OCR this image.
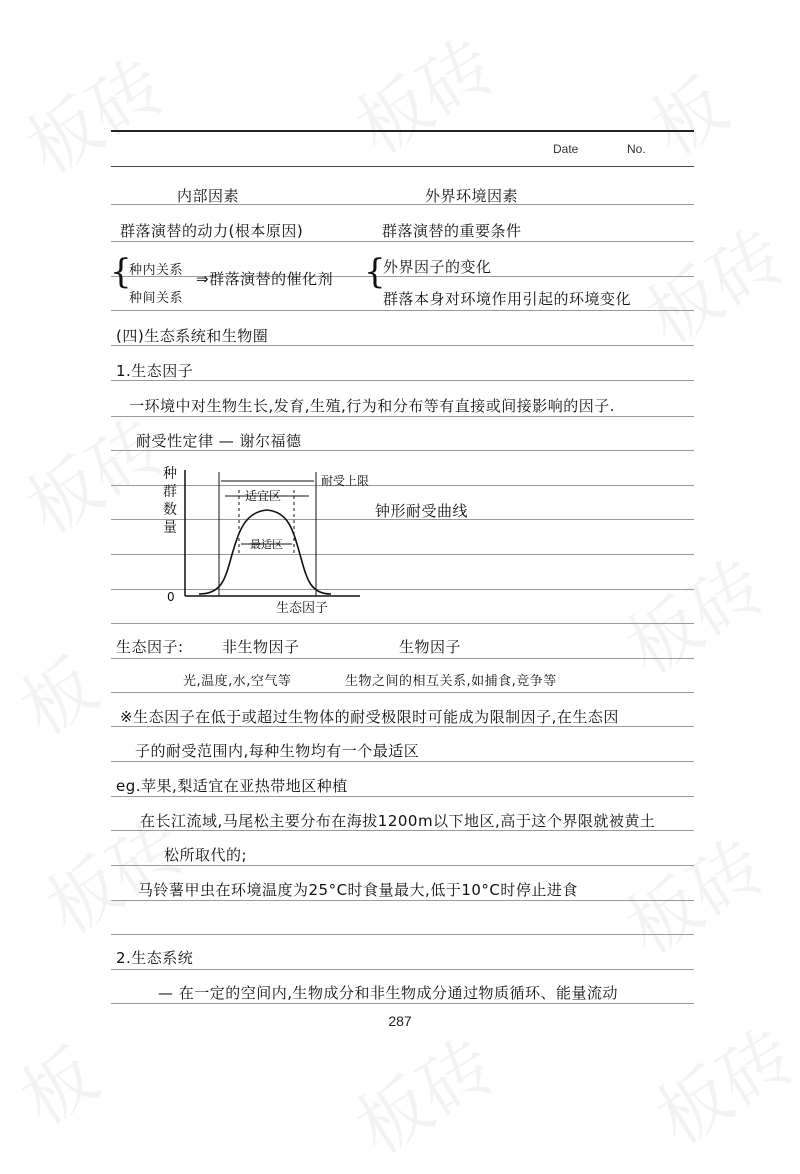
Date	No.
内部因素	外界环境因素
群落演替的动力(根本原因)	群落演替的重要条件
{
种内关系
种间关系
⇒群落演替的催化剂 {
外界因子的变化
群落本身对环境作用引起的环境变化
(四)生态系统和生物圈
1.生态因子
一环境中对生物生长,发育,生殖,行为和分布等有直接或间接影响的因子.
耐受性定律 — 谢尔福德
种群数量
0
生态因子
耐受上限
适宜区
最适区
钟形耐受曲线
生态因子:	非生物因子	生物因子
光,温度,水,空气等	生物之间的相互关系,如捕食,竞争等
※生态因子在低于或超过生物体的耐受极限时可能成为限制因子,在生态因
子的耐受范围内,每种生物均有一个最适区
eg.苹果,梨适宜在亚热带地区种植
在长江流域,马尾松主要分布在海拔1200m以下地区,高于这个界限就被黄土
松所取代的;
马铃薯甲虫在环境温度为25°C时食量最大,低于10°C时停止进食
2.生态系统
— 在一定的空间内,生物成分和非生物成分通过物质循环、能量流动
287
